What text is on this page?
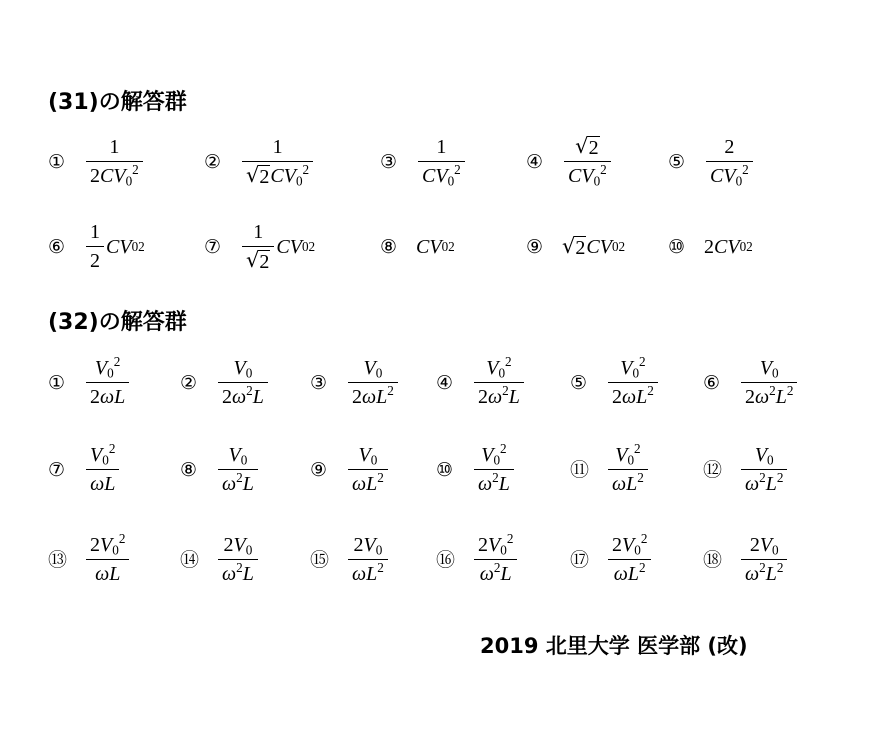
(31)の解答群
(32)の解答群
①	$\frac{1}{2CV_0^2}$	②	$\frac{1}{√ 2 CV_0^2}$	③	$\frac{1}{CV_0^2}$	④ $\frac{√ 2}{CV_0^2}$	⑤	$\frac{2}{CV_0^2}$
⑥	$\frac{1}{2}$ C V 0 2	⑦	$\frac{1}{√ 2}$ C V 0 2	⑧ C V 0 2	⑨ √ 2 C V 0 2 ⑩ 2 C V 0 2
①	$\frac{V_0^2}{2\omega L}$	②	$\frac{V_0}{2\omega^2L}$ ③	$\frac{V_0}{2\omega L^2}$ ④	$\frac{V_0^2}{2\omega^2L}$ ⑤	$\frac{V_0^2}{2\omega L^2}$ ⑥	$\frac{V_0}{2\omega^2L^2}$
⑦	$\frac{V_0^2}{\omega L}$	⑧	$\frac{V_0}{\omega^2L}$	⑨	$\frac{V_0}{\omega L^2}$	⑩	$\frac{V_0^2}{\omega^2L}$	⑪ $\frac{V_0^2}{\omega L^2}$	⑫ $\frac{V_0}{\omega^2L^2}$
⑬ $\frac{2V_0^2}{\omega L}$	⑭ $\frac{2V_0}{\omega^2L}$	⑮ $\frac{2V_0}{\omega L^2}$	⑯ $\frac{2V_0^2}{\omega^2L}$	⑰ $\frac{2V_0^2}{\omega L^2}$	⑱ $\frac{2V_0}{\omega^2L^2}$
2019 北里大学 医学部 (改)
